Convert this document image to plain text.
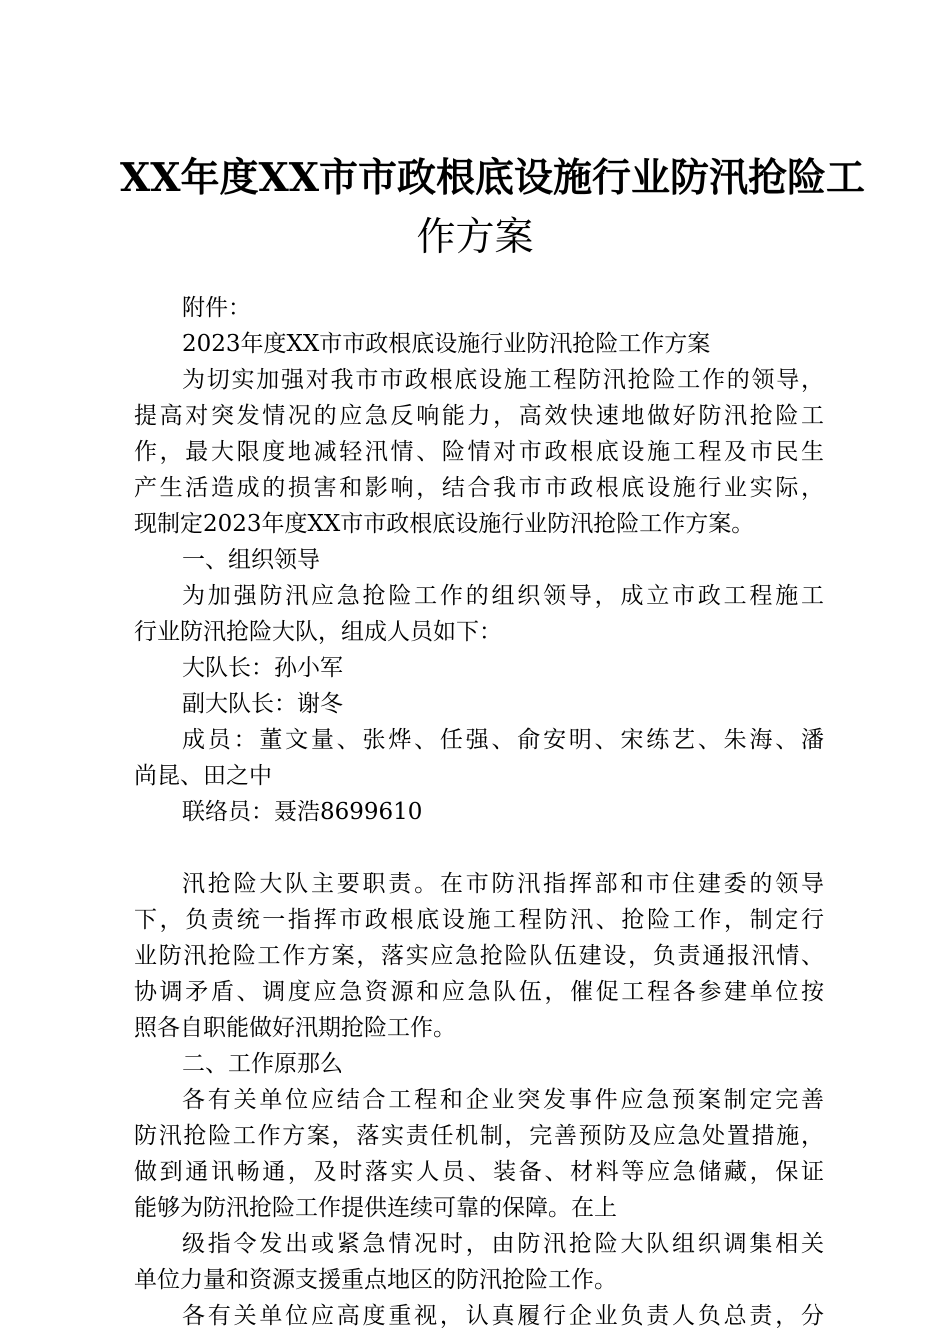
XX年度XX市市政根底设施行业防汛抢险工
作方案
附件：
2023年度XX市市政根底设施行业防汛抢险工作方案
为切实加强对我市市政根底设施工程防汛抢险工作的领导，
提高对突发情况的应急反响能力，高效快速地做好防汛抢险工
作，最大限度地减轻汛情、险情对市政根底设施工程及市民生
产生活造成的损害和影响，结合我市市政根底设施行业实际，
现制定2023年度XX市市政根底设施行业防汛抢险工作方案。
一、组织领导
为加强防汛应急抢险工作的组织领导，成立市政工程施工
行业防汛抢险大队，组成人员如下：
大队长：孙小军
副大队长：谢冬
成员：董文量、张烨、任强、俞安明、宋练艺、朱海、潘
尚昆、田之中
联络员：聂浩8699610
汛抢险大队主要职责。在市防汛指挥部和市住建委的领导
下，负责统一指挥市政根底设施工程防汛、抢险工作，制定行
业防汛抢险工作方案，落实应急抢险队伍建设，负责通报汛情、
协调矛盾、调度应急资源和应急队伍，催促工程各参建单位按
照各自职能做好汛期抢险工作。
二、工作原那么
各有关单位应结合工程和企业突发事件应急预案制定完善
防汛抢险工作方案，落实责任机制，完善预防及应急处置措施，
做到通讯畅通，及时落实人员、装备、材料等应急储藏，保证
能够为防汛抢险工作提供连续可靠的保障。在上
级指令发出或紧急情况时，由防汛抢险大队组织调集相关
单位力量和资源支援重点地区的防汛抢险工作。
各有关单位应高度重视，认真履行企业负责人负总责，分
